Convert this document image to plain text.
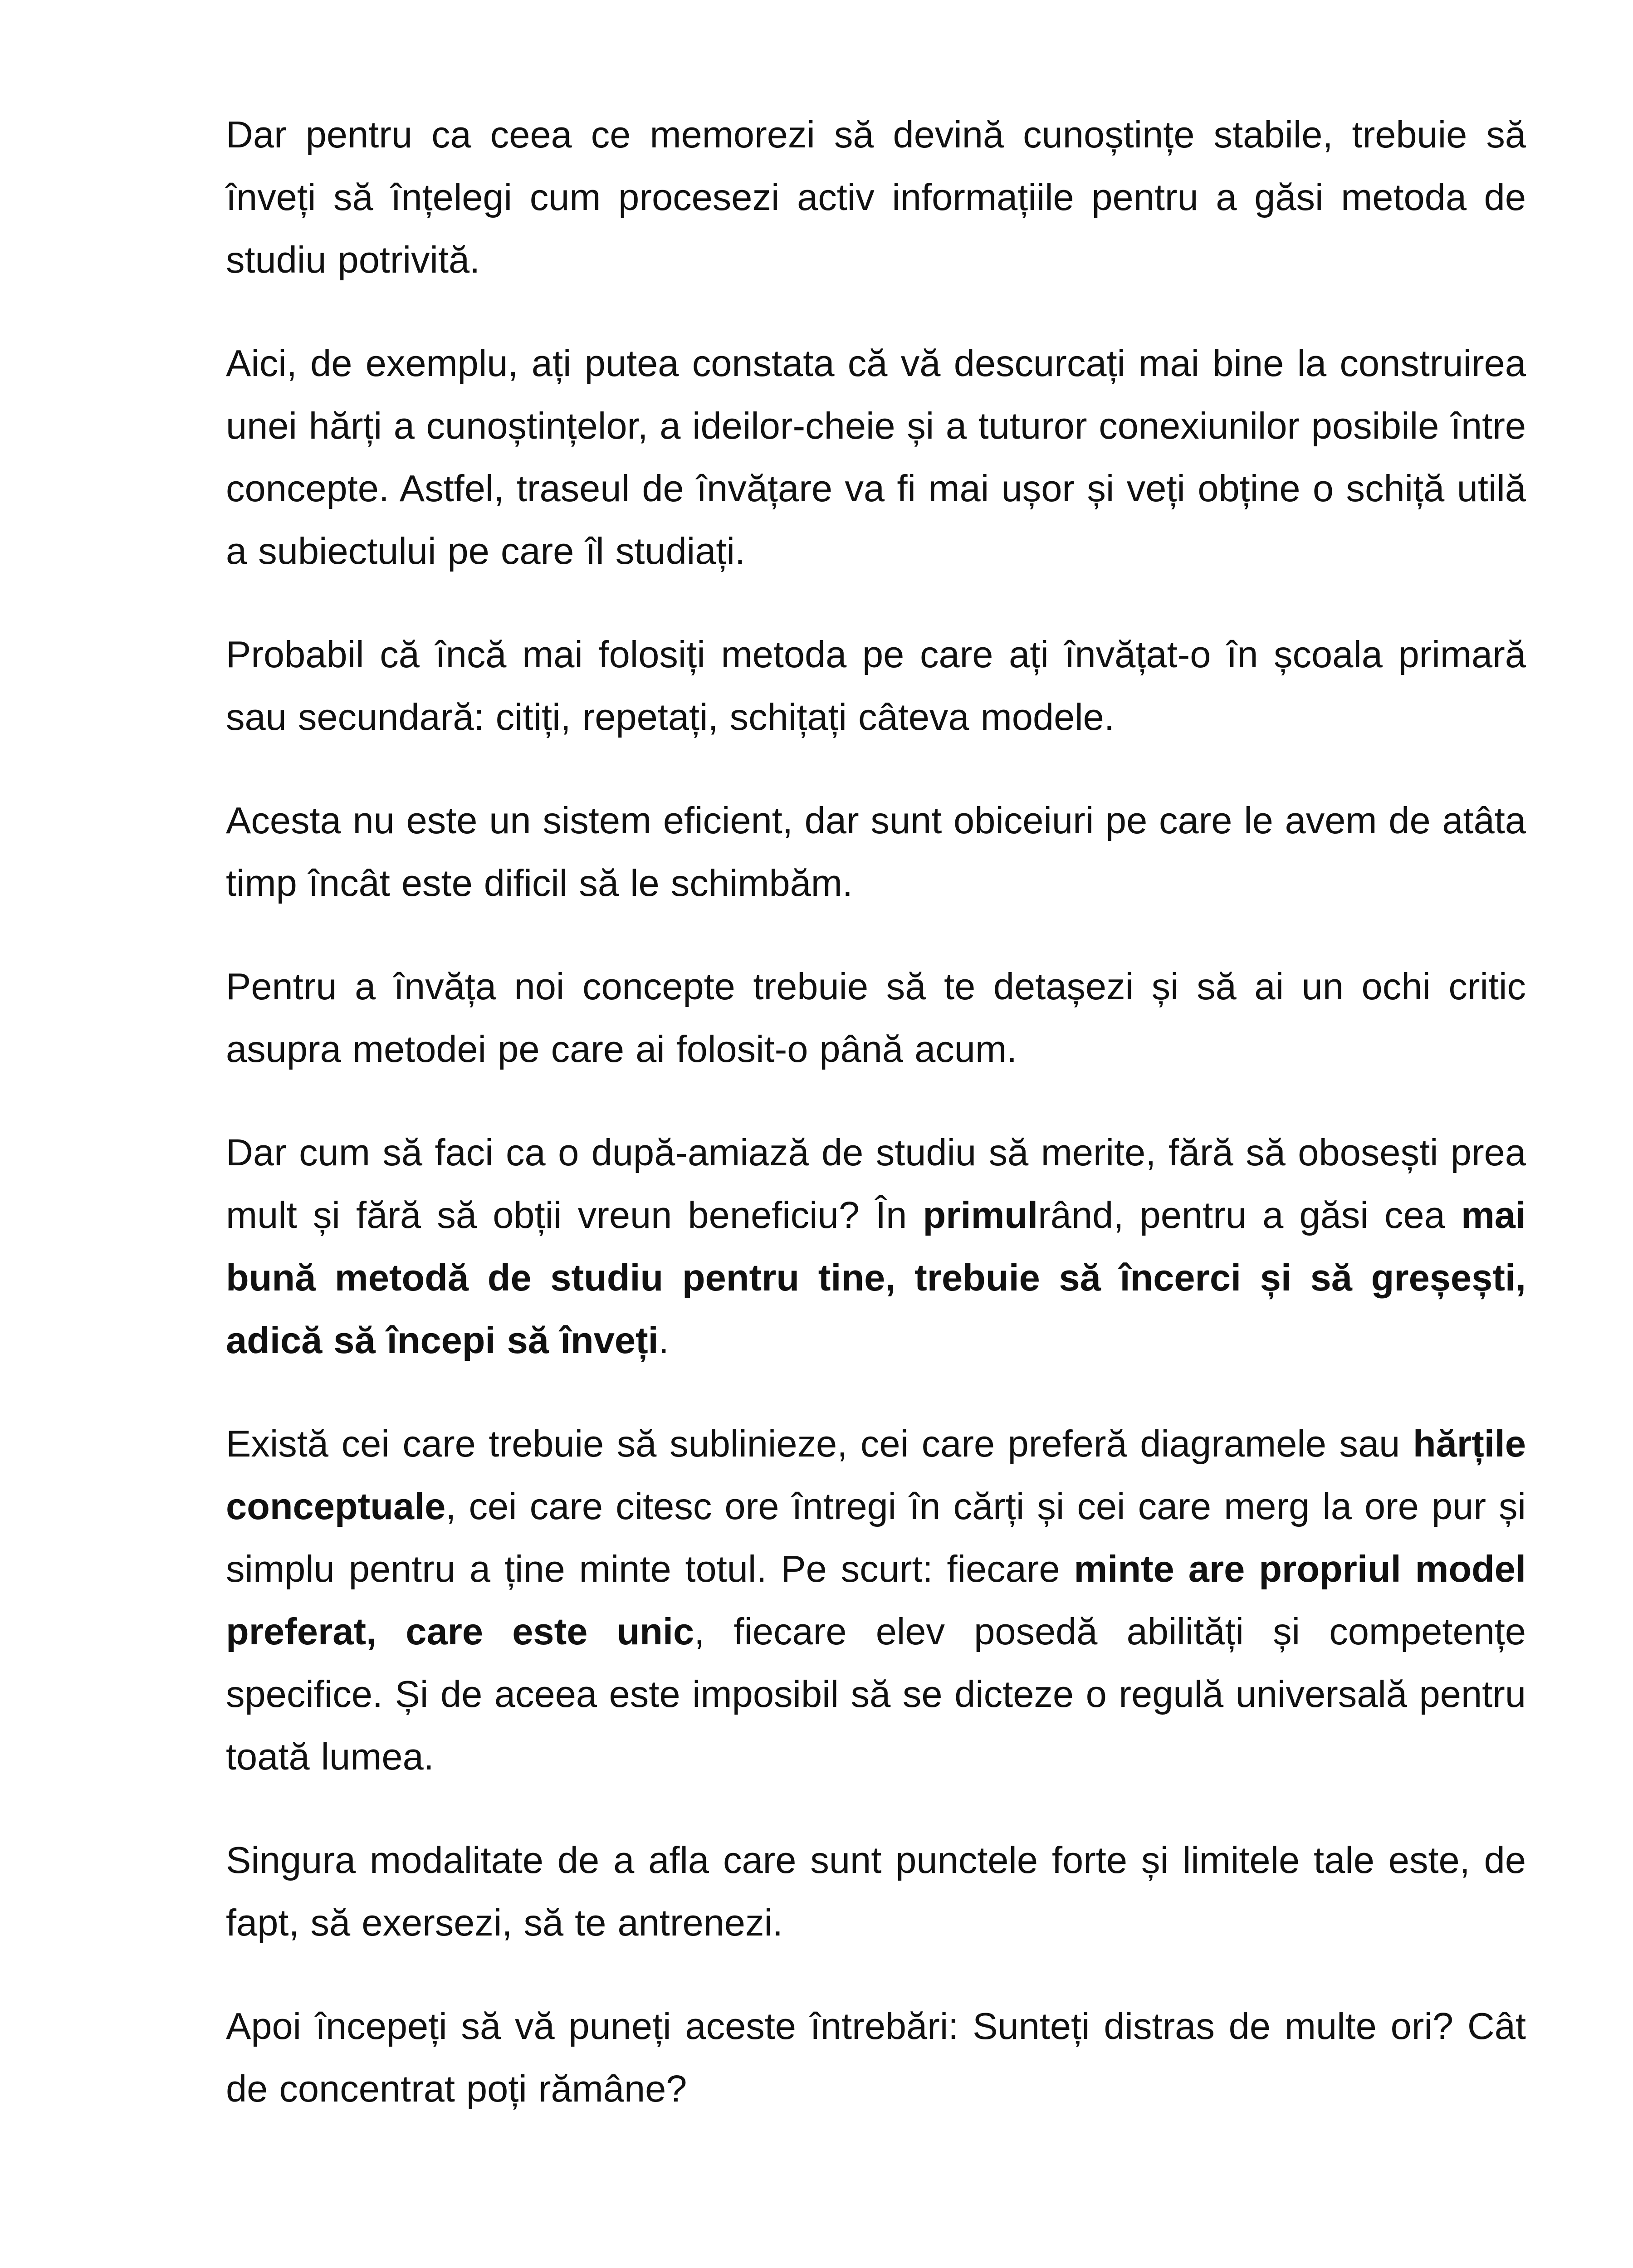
Dar pentru ca ceea ce memorezi să devină cunoștințe stabile, trebuie să înveți să înțelegi cum procesezi activ informațiile pentru a găsi metoda de studiu potrivită.

Aici, de exemplu, ați putea constata că vă descurcați mai bine la construirea unei hărți a cunoștințelor, a ideilor-cheie și a tuturor conexiunilor posibile între concepte. Astfel, traseul de învățare va fi mai ușor și veți obține o schiță utilă a subiectului pe care îl studiați.

Probabil că încă mai folosiți metoda pe care ați învățat-o în școala primară sau secundară: citiți, repetați, schițați câteva modele.

Acesta nu este un sistem eficient, dar sunt obiceiuri pe care le avem de atâta timp încât este dificil să le schimbăm.

Pentru a învăța noi concepte trebuie să te detașezi și să ai un ochi critic asupra metodei pe care ai folosit-o până acum.

Dar cum să faci ca o după-amiază de studiu să merite, fără să obosești prea mult și fără să obții vreun beneficiu? În primulrând, pentru a găsi cea mai bună metodă de studiu pentru tine, trebuie să încerci și să greșești, adică să începi să înveți.

Există cei care trebuie să sublinieze, cei care preferă diagramele sau hărțile conceptuale, cei care citesc ore întregi în cărți și cei care merg la ore pur și simplu pentru a ține minte totul. Pe scurt: fiecare minte are propriul model preferat, care este unic, fiecare elev posedă abilități și competențe specifice. Și de aceea este imposibil să se dicteze o regulă universală pentru toată lumea.

Singura modalitate de a afla care sunt punctele forte și limitele tale este, de fapt, să exersezi, să te antrenezi.

Apoi începeți să vă puneți aceste întrebări: Sunteți distras de multe ori? Cât de concentrat poți rămâne?
